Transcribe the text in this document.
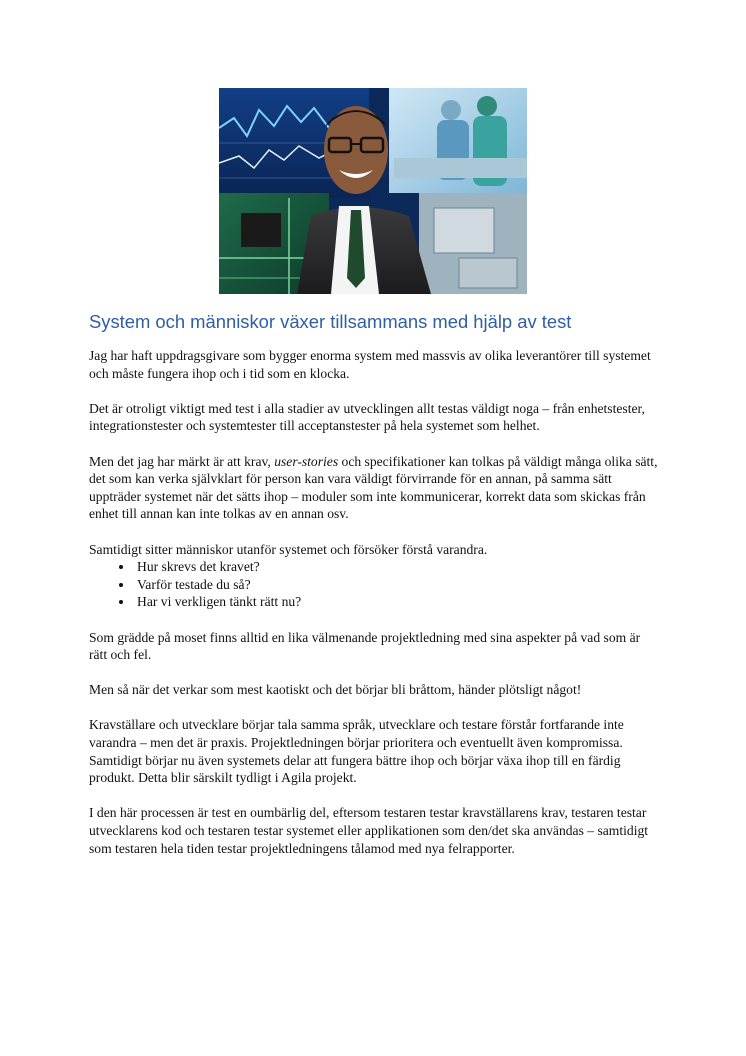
System och människor växer tillsammans med hjälp av test

Jag har haft uppdragsgivare som bygger enorma system med massvis av olika leverantörer till systemet och måste fungera ihop och i tid som en klocka.

Det är otroligt viktigt med test i alla stadier av utvecklingen allt testas väldigt noga – från enhetstester, integrationstester och systemtester till acceptanstester på hela systemet som helhet.

Men det jag har märkt är att krav, user-stories och specifikationer kan tolkas på väldigt många olika sätt, det som kan verka självklart för person kan vara väldigt förvirrande för en annan, på samma sätt uppträder systemet när det sätts ihop – moduler som inte kommunicerar, korrekt data som skickas från enhet till annan kan inte tolkas av en annan osv.

Samtidigt sitter människor utanför systemet och försöker förstå varandra.

• Hur skrevs det kravet?
• Varför testade du så?
• Har vi verkligen tänkt rätt nu?

Som grädde på moset finns alltid en lika välmenande projektledning med sina aspekter på vad som är rätt och fel.

Men så när det verkar som mest kaotiskt och det börjar bli bråttom, händer plötsligt något!

Kravställare och utvecklare börjar tala samma språk, utvecklare och testare förstår fortfarande inte varandra – men det är praxis. Projektledningen börjar prioritera och eventuellt även kompromissa. Samtidigt börjar nu även systemets delar att fungera bättre ihop och börjar växa ihop till en färdig produkt. Detta blir särskilt tydligt i Agila projekt.

I den här processen är test en oumbärlig del, eftersom testaren testar kravställarens krav, testaren testar utvecklarens kod och testaren testar systemet eller applikationen som den/det ska användas – samtidigt som testaren hela tiden testar projektledningens tålamod med nya felrapporter.
